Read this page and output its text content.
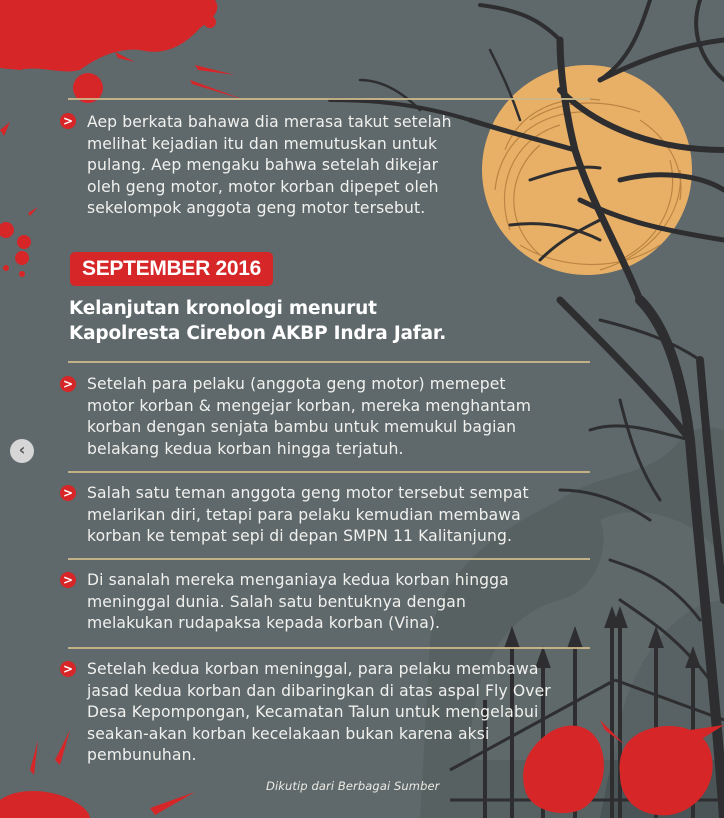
> Aep berkata bahawa dia merasa takut setelah
melihat kejadian itu dan memutuskan untuk
pulang. Aep mengaku bahwa setelah dikejar
oleh geng motor, motor korban dipepet oleh
sekelompok anggota geng motor tersebut.
SEPTEMBER 2016
Kelanjutan kronologi menurut
Kapolresta Cirebon AKBP Indra Jafar.
> Setelah para pelaku (anggota geng motor) memepet
motor korban & mengejar korban, mereka menghantam
korban dengan senjata bambu untuk memukul bagian
belakang kedua korban hingga terjatuh.
> Salah satu teman anggota geng motor tersebut sempat
melarikan diri, tetapi para pelaku kemudian membawa
korban ke tempat sepi di depan SMPN 11 Kalitanjung.
> Di sanalah mereka menganiaya kedua korban hingga
meninggal dunia. Salah satu bentuknya dengan
melakukan rudapaksa kepada korban (Vina).
> Setelah kedua korban meninggal, para pelaku membawa
jasad kedua korban dan dibaringkan di atas aspal Fly Over
Desa Kepompongan, Kecamatan Talun untuk mengelabui
seakan-akan korban kecelakaan bukan karena aksi
pembunuhan.
Dikutip dari Berbagai Sumber
‹
